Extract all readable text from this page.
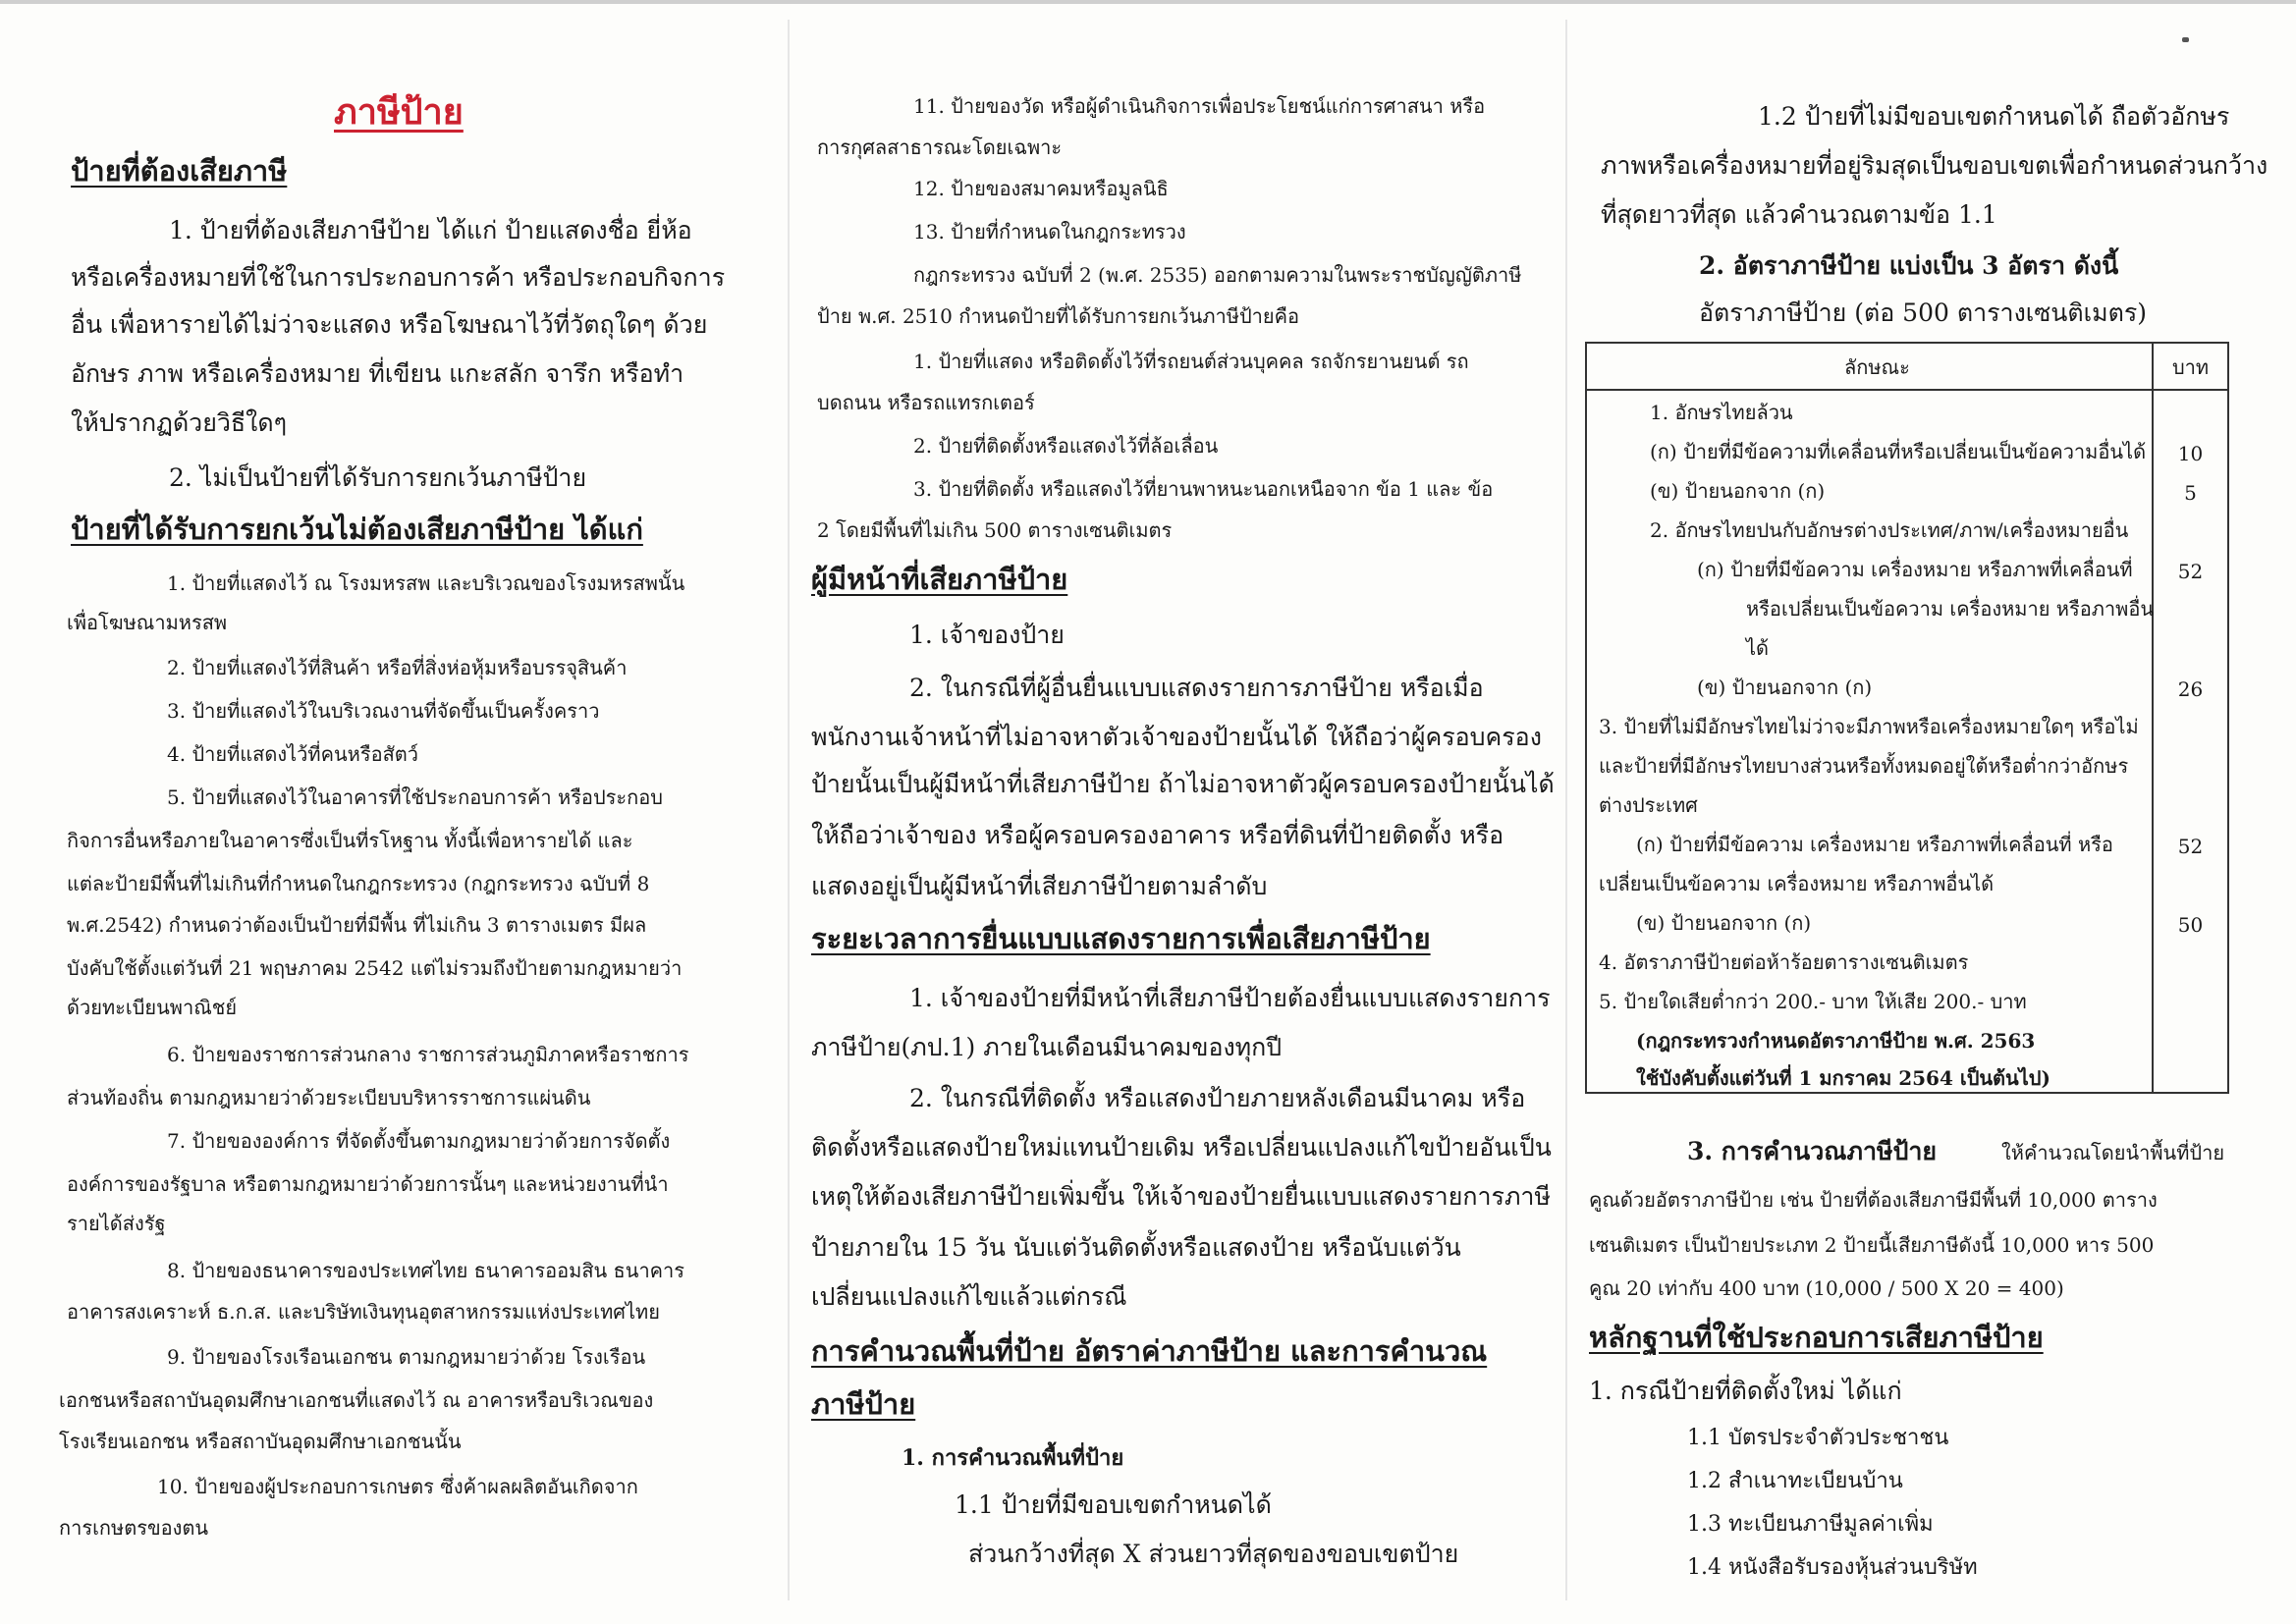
ภาษีป้าย
ป้ายที่ต้องเสียภาษี
1. ป้ายที่ต้องเสียภาษีป้าย ได้แก่ ป้ายแสดงชื่อ ยี่ห้อ
หรือเครื่องหมายที่ใช้ในการประกอบการค้า หรือประกอบกิจการ
อื่น เพื่อหารายได้ไม่ว่าจะแสดง หรือโฆษณาไว้ที่วัตถุใดๆ ด้วย
อักษร ภาพ หรือเครื่องหมาย ที่เขียน แกะสลัก จารึก หรือทำ
ให้ปรากฏด้วยวิธีใดๆ
2. ไม่เป็นป้ายที่ได้รับการยกเว้นภาษีป้าย
ป้ายที่ได้รับการยกเว้นไม่ต้องเสียภาษีป้าย ได้แก่
1. ป้ายที่แสดงไว้ ณ โรงมหรสพ และบริเวณของโรงมหรสพนั้น
เพื่อโฆษณามหรสพ
2. ป้ายที่แสดงไว้ที่สินค้า หรือที่สิ่งห่อหุ้มหรือบรรจุสินค้า
3. ป้ายที่แสดงไว้ในบริเวณงานที่จัดขึ้นเป็นครั้งคราว
4. ป้ายที่แสดงไว้ที่คนหรือสัตว์
5. ป้ายที่แสดงไว้ในอาคารที่ใช้ประกอบการค้า หรือประกอบ
กิจการอื่นหรือภายในอาคารซึ่งเป็นที่รโหฐาน ทั้งนี้เพื่อหารายได้ และ
แต่ละป้ายมีพื้นที่ไม่เกินที่กำหนดในกฎกระทรวง (กฎกระทรวง ฉบับที่ 8
พ.ศ.2542) กำหนดว่าต้องเป็นป้ายที่มีพื้น ที่ไม่เกิน 3 ตารางเมตร มีผล
บังคับใช้ตั้งแต่วันที่ 21 พฤษภาคม 2542 แต่ไม่รวมถึงป้ายตามกฎหมายว่า
ด้วยทะเบียนพาณิชย์
6. ป้ายของราชการส่วนกลาง ราชการส่วนภูมิภาคหรือราชการ
ส่วนท้องถิ่น ตามกฎหมายว่าด้วยระเบียบบริหารราชการแผ่นดิน
7. ป้ายขององค์การ ที่จัดตั้งขึ้นตามกฎหมายว่าด้วยการจัดตั้ง
องค์การของรัฐบาล หรือตามกฎหมายว่าด้วยการนั้นๆ และหน่วยงานที่นำ
รายได้ส่งรัฐ
8. ป้ายของธนาคารของประเทศไทย ธนาคารออมสิน ธนาคาร
อาคารสงเคราะห์ ธ.ก.ส. และบริษัทเงินทุนอุตสาหกรรมแห่งประเทศไทย
9. ป้ายของโรงเรือนเอกชน ตามกฎหมายว่าด้วย โรงเรือน
เอกชนหรือสถาบันอุดมศึกษาเอกชนที่แสดงไว้ ณ อาคารหรือบริเวณของ
โรงเรียนเอกชน หรือสถาบันอุดมศึกษาเอกชนนั้น
10. ป้ายของผู้ประกอบการเกษตร ซึ่งค้าผลผลิตอันเกิดจาก
การเกษตรของตน
11. ป้ายของวัด หรือผู้ดำเนินกิจการเพื่อประโยชน์แก่การศาสนา หรือ
การกุศลสาธารณะโดยเฉพาะ
12. ป้ายของสมาคมหรือมูลนิธิ
13. ป้ายที่กำหนดในกฎกระทรวง
กฎกระทรวง ฉบับที่ 2 (พ.ศ. 2535) ออกตามความในพระราชบัญญัติภาษี
ป้าย พ.ศ. 2510 กำหนดป้ายที่ได้รับการยกเว้นภาษีป้ายคือ
1. ป้ายที่แสดง หรือติดตั้งไว้ที่รถยนต์ส่วนบุคคล รถจักรยานยนต์ รถ
บดถนน หรือรถแทรกเตอร์
2. ป้ายที่ติดตั้งหรือแสดงไว้ที่ล้อเลื่อน
3. ป้ายที่ติดตั้ง หรือแสดงไว้ที่ยานพาหนะนอกเหนือจาก ข้อ 1 และ ข้อ
2 โดยมีพื้นที่ไม่เกิน 500 ตารางเซนติเมตร
ผู้มีหน้าที่เสียภาษีป้าย
1. เจ้าของป้าย
2. ในกรณีที่ผู้อื่นยื่นแบบแสดงรายการภาษีป้าย หรือเมื่อ
พนักงานเจ้าหน้าที่ไม่อาจหาตัวเจ้าของป้ายนั้นได้ ให้ถือว่าผู้ครอบครอง
ป้ายนั้นเป็นผู้มีหน้าที่เสียภาษีป้าย ถ้าไม่อาจหาตัวผู้ครอบครองป้ายนั้นได้
ให้ถือว่าเจ้าของ หรือผู้ครอบครองอาคาร หรือที่ดินที่ป้ายติดตั้ง หรือ
แสดงอยู่เป็นผู้มีหน้าที่เสียภาษีป้ายตามลำดับ
ระยะเวลาการยื่นแบบแสดงรายการเพื่อเสียภาษีป้าย
1. เจ้าของป้ายที่มีหน้าที่เสียภาษีป้ายต้องยื่นแบบแสดงรายการ
ภาษีป้าย(ภป.1) ภายในเดือนมีนาคมของทุกปี
2. ในกรณีที่ติดตั้ง หรือแสดงป้ายภายหลังเดือนมีนาคม หรือ
ติดตั้งหรือแสดงป้ายใหม่แทนป้ายเดิม หรือเปลี่ยนแปลงแก้ไขป้ายอันเป็น
เหตุให้ต้องเสียภาษีป้ายเพิ่มขึ้น ให้เจ้าของป้ายยื่นแบบแสดงรายการภาษี
ป้ายภายใน 15 วัน นับแต่วันติดตั้งหรือแสดงป้าย หรือนับแต่วัน
เปลี่ยนแปลงแก้ไขแล้วแต่กรณี
การคำนวณพื้นที่ป้าย อัตราค่าภาษีป้าย และการคำนวณ
ภาษีป้าย
1. การคำนวณพื้นที่ป้าย
1.1 ป้ายที่มีขอบเขตกำหนดได้
ส่วนกว้างที่สุด X ส่วนยาวที่สุดของขอบเขตป้าย
1.2 ป้ายที่ไม่มีขอบเขตกำหนดได้ ถือตัวอักษร
ภาพหรือเครื่องหมายที่อยู่ริมสุดเป็นขอบเขตเพื่อกำหนดส่วนกว้าง
ที่สุดยาวที่สุด แล้วคำนวณตามข้อ 1.1
2. อัตราภาษีป้าย แบ่งเป็น 3 อัตรา ดังนี้
อัตราภาษีป้าย (ต่อ 500 ตารางเซนติเมตร)
ลักษณะ	บาท
1. อักษรไทยล้วน
(ก) ป้ายที่มีข้อความที่เคลื่อนที่หรือเปลี่ยนเป็นข้อความอื่นได้
(ข) ป้ายนอกจาก (ก)
2. อักษรไทยปนกับอักษรต่างประเทศ/ภาพ/เครื่องหมายอื่น
(ก) ป้ายที่มีข้อความ เครื่องหมาย หรือภาพที่เคลื่อนที่
หรือเปลี่ยนเป็นข้อความ เครื่องหมาย หรือภาพอื่น
ได้
(ข) ป้ายนอกจาก (ก)
3. ป้ายที่ไม่มีอักษรไทยไม่ว่าจะมีภาพหรือเครื่องหมายใดๆ หรือไม่
และป้ายที่มีอักษรไทยบางส่วนหรือทั้งหมดอยู่ใต้หรือต่ำกว่าอักษร
ต่างประเทศ
(ก) ป้ายที่มีข้อความ เครื่องหมาย หรือภาพที่เคลื่อนที่ หรือ
เปลี่ยนเป็นข้อความ เครื่องหมาย หรือภาพอื่นได้
(ข) ป้ายนอกจาก (ก)
4. อัตราภาษีป้ายต่อห้าร้อยตารางเซนติเมตร
5. ป้ายใดเสียต่ำกว่า 200.- บาท ให้เสีย 200.- บาท
(กฎกระทรวงกำหนดอัตราภาษีป้าย พ.ศ. 2563
ใช้บังคับตั้งแต่วันที่ 1 มกราคม 2564 เป็นต้นไป)
10
5
52
26
52
50
3. การคำนวณภาษีป้าย	ให้คำนวณโดยนำพื้นที่ป้าย
คูณด้วยอัตราภาษีป้าย เช่น ป้ายที่ต้องเสียภาษีมีพื้นที่ 10,000 ตาราง
เซนติเมตร เป็นป้ายประเภท 2 ป้ายนี้เสียภาษีดังนี้ 10,000 หาร 500
คูณ 20 เท่ากับ 400 บาท (10,000 / 500 X 20 = 400)
หลักฐานที่ใช้ประกอบการเสียภาษีป้าย
1. กรณีป้ายที่ติดตั้งใหม่ ได้แก่
1.1 บัตรประจำตัวประชาชน
1.2 สำเนาทะเบียนบ้าน
1.3 ทะเบียนภาษีมูลค่าเพิ่ม
1.4 หนังสือรับรองหุ้นส่วนบริษัท
